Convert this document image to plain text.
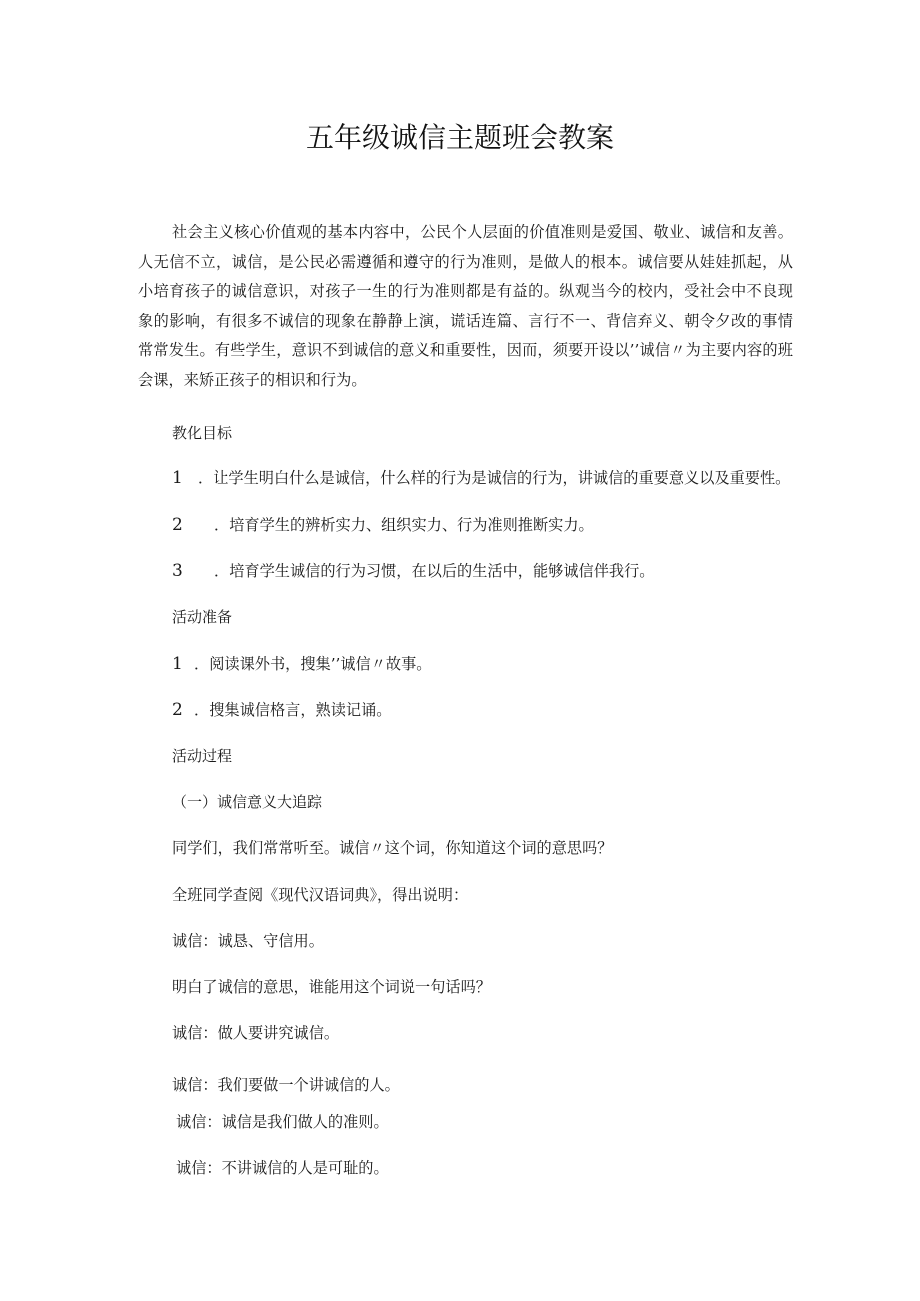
五年级诚信主题班会教案

社会主义核心价值观的基本内容中，公民个人层面的价值准则是爱国、敬业、诚信和友善。人无信不立，诚信，是公民必需遵循和遵守的行为准则，是做人的根本。诚信要从娃娃抓起，从小培育孩子的诚信意识，对孩子一生的行为准则都是有益的。纵观当今的校内，受社会中不良现象的影响，有很多不诚信的现象在静静上演，谎话连篇、言行不一、背信弃义、朝令夕改的事情常常发生。有些学生，意识不到诚信的意义和重要性，因而，须要开设以’’诚信〃为主要内容的班会课，来矫正孩子的相识和行为。

教化目标
1 ．让学生明白什么是诚信，什么样的行为是诚信的行为，讲诚信的重要意义以及重要性。
2 ．培育学生的辨析实力、组织实力、行为准则推断实力。
3 ．培育学生诚信的行为习惯，在以后的生活中，能够诚信伴我行。
活动准备
1 ．阅读课外书，搜集’’诚信〃故事。
2 ．搜集诚信格言，熟读记诵。
活动过程
（一）诚信意义大追踪
同学们，我们常常听至。诚信〃这个词，你知道这个词的意思吗？
全班同学查阅《现代汉语词典》，得出说明：
诚信：诚恳、守信用。
明白了诚信的意思，谁能用这个词说一句话吗？
诚信：做人要讲究诚信。
诚信：我们要做一个讲诚信的人。
诚信：诚信是我们做人的准则。
诚信：不讲诚信的人是可耻的。
